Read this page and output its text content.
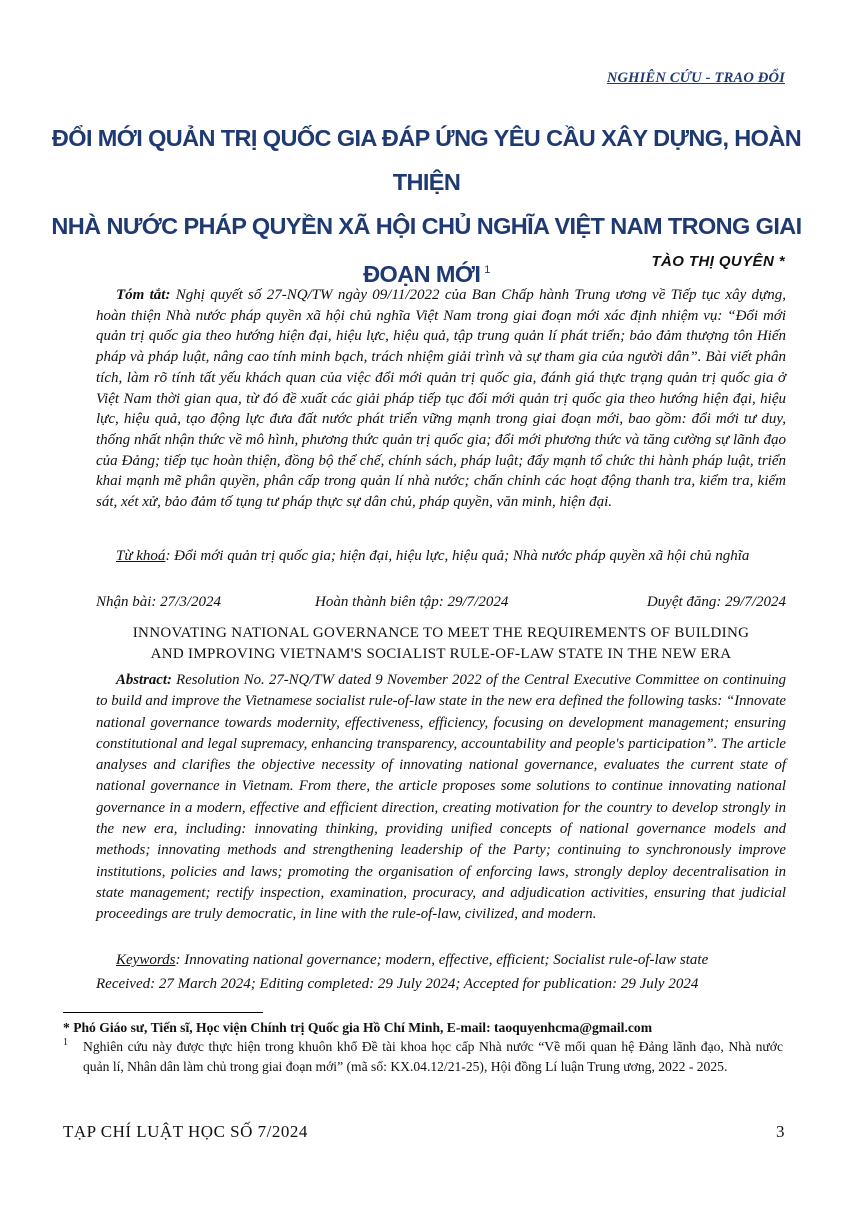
NGHIÊN CỨU - TRAO ĐỔI
ĐỔI MỚI QUẢN TRỊ QUỐC GIA ĐÁP ỨNG YÊU CẦU XÂY DỰNG, HOÀN THIỆN
NHÀ NƯỚC PHÁP QUYỀN XÃ HỘI CHỦ NGHĨA VIỆT NAM TRONG GIAI ĐOẠN MỚI $^1$	TÀO THỊ QUYÊN *
Tóm tắt: Nghị quyết số 27-NQ/TW ngày 09/11/2022 của Ban Chấp hành Trung ương về Tiếp tục xây dựng, hoàn thiện Nhà nước pháp quyền xã hội chủ nghĩa Việt Nam trong giai đoạn mới xác định nhiệm vụ: “Đổi mới quản trị quốc gia theo hướng hiện đại, hiệu lực, hiệu quả, tập trung quản lí phát triển; bảo đảm thượng tôn Hiến pháp và pháp luật, nâng cao tính minh bạch, trách nhiệm giải trình và sự tham gia của người dân”. Bài viết phân tích, làm rõ tính tất yếu khách quan của việc đổi mới quản trị quốc gia, đánh giá thực trạng quản trị quốc gia ở Việt Nam thời gian qua, từ đó đề xuất các giải pháp tiếp tục đổi mới quản trị quốc gia theo hướng hiện đại, hiệu lực, hiệu quả, tạo động lực đưa đất nước phát triển vững mạnh trong giai đoạn mới, bao gồm: đổi mới tư duy, thống nhất nhận thức về mô hình, phương thức quản trị quốc gia; đổi mới phương thức và tăng cường sự lãnh đạo của Đảng; tiếp tục hoàn thiện, đồng bộ thể chế, chính sách, pháp luật; đẩy mạnh tổ chức thi hành pháp luật, triển khai mạnh mẽ phân quyền, phân cấp trong quản lí nhà nước; chấn chỉnh các hoạt động thanh tra, kiểm tra, kiểm sát, xét xử, bảo đảm tố tụng tư pháp thực sự dân chủ, pháp quyền, văn minh, hiện đại.
Từ khoá: Đổi mới quản trị quốc gia; hiện đại, hiệu lực, hiệu quả; Nhà nước pháp quyền xã hội chủ nghĩa
Nhận bài: 27/3/2024	Hoàn thành biên tập: 29/7/2024	Duyệt đăng: 29/7/2024
INNOVATING NATIONAL GOVERNANCE TO MEET THE REQUIREMENTS OF BUILDING
AND IMPROVING VIETNAM'S SOCIALIST RULE-OF-LAW STATE IN THE NEW ERA
Abstract: Resolution No. 27-NQ/TW dated 9 November 2022 of the Central Executive Committee on continuing to build and improve the Vietnamese socialist rule-of-law state in the new era defined the following tasks: “Innovate national governance towards modernity, effectiveness, efficiency, focusing on development management; ensuring constitutional and legal supremacy, enhancing transparency, accountability and people's participation”. The article analyses and clarifies the objective necessity of innovating national governance, evaluates the current state of national governance in Vietnam. From there, the article proposes some solutions to continue innovating national governance in a modern, effective and efficient direction, creating motivation for the country to develop strongly in the new era, including: innovating thinking, providing unified concepts of national governance models and methods; innovating methods and strengthening leadership of the Party; continuing to synchronously improve institutions, policies and laws; promoting the organisation of enforcing laws, strongly deploy decentralisation in state management; rectify inspection, examination, procuracy, and adjudication activities, ensuring that judicial proceedings are truly democratic, in line with the rule-of-law, civilized, and modern.
Keywords: Innovating national governance; modern, effective, efficient; Socialist rule-of-law state
Received: 27 March 2024; Editing completed: 29 July 2024; Accepted for publication: 29 July 2024
* Phó Giáo sư, Tiến sĩ, Học viện Chính trị Quốc gia Hồ Chí Minh, E-mail: taoquyenhcma@gmail.com
1	Nghiên cứu này được thực hiện trong khuôn khổ Đề tài khoa học cấp Nhà nước “Về mối quan hệ Đảng lãnh đạo, Nhà nước quản lí, Nhân dân làm chủ trong giai đoạn mới” (mã số: KX.04.12/21-25), Hội đồng Lí luận Trung ương, 2022 - 2025.
TẠP CHÍ LUẬT HỌC SỐ 7/2024	3
